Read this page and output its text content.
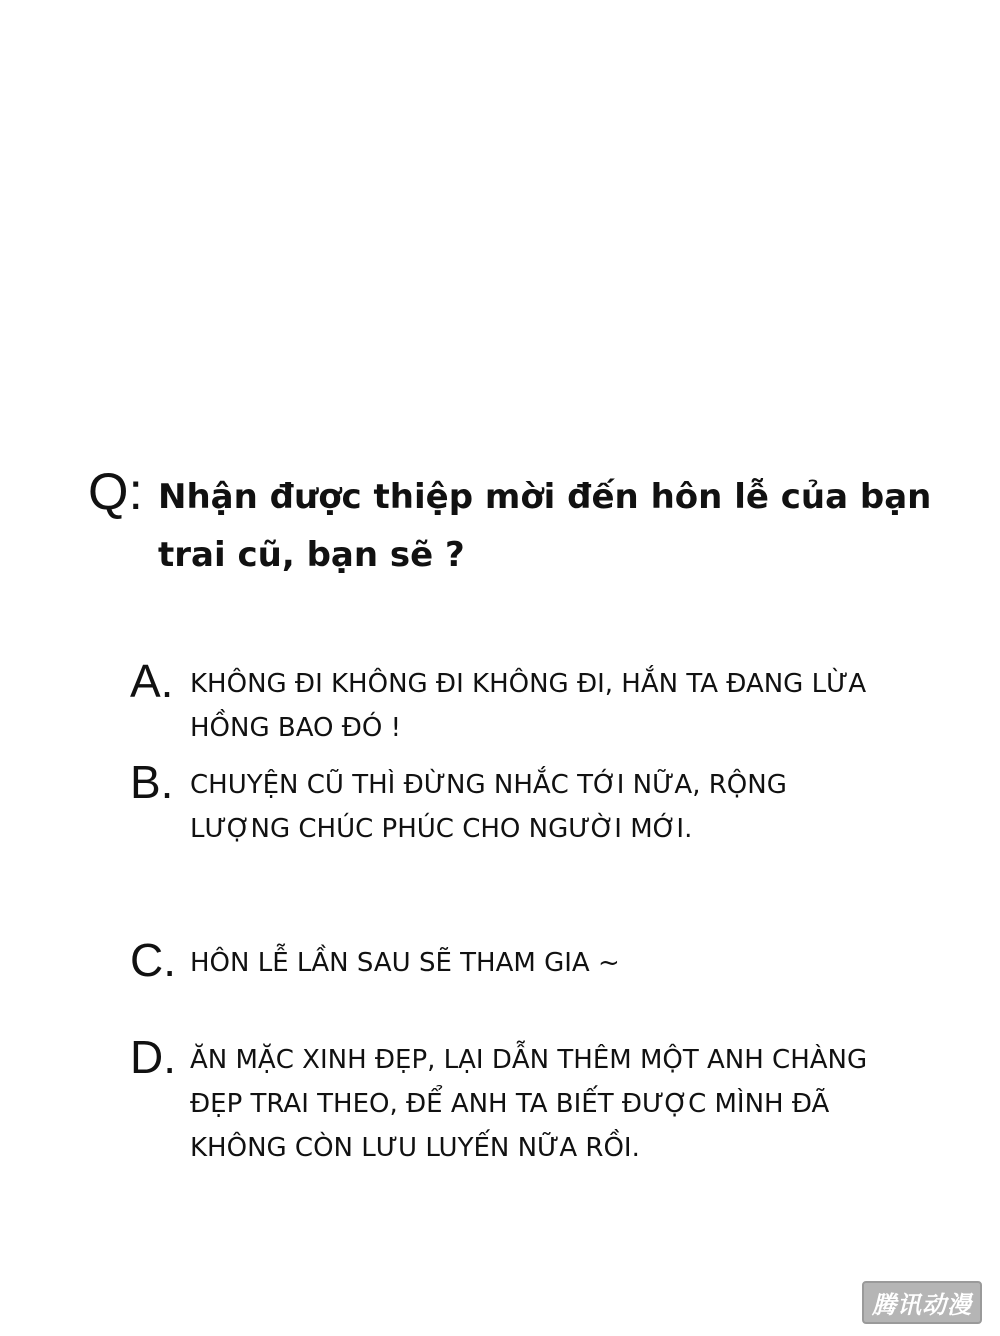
Q: Nhận được thiệp mời đến hôn lễ của bạn trai cũ, bạn sẽ ?
A. KHÔNG ĐI KHÔNG ĐI KHÔNG ĐI, HẮN TA ĐANG LỪA HỒNG BAO ĐÓ !
B. CHUYỆN CŨ THÌ ĐỪNG NHẮC TỚI NỮA, RỘNG LƯỢNG CHÚC PHÚC CHO NGƯỜI MỚI.
C. HÔN LỄ LẦN SAU SẼ THAM GIA ~
D. ĂN MẶC XINH ĐẸP, LẠI DẪN THÊM MỘT ANH CHÀNG ĐẸP TRAI THEO, ĐỂ ANH TA BIẾT ĐƯỢC MÌNH ĐÃ KHÔNG CÒN LƯU LUYẾN NỮA RỒI.
腾讯动漫
